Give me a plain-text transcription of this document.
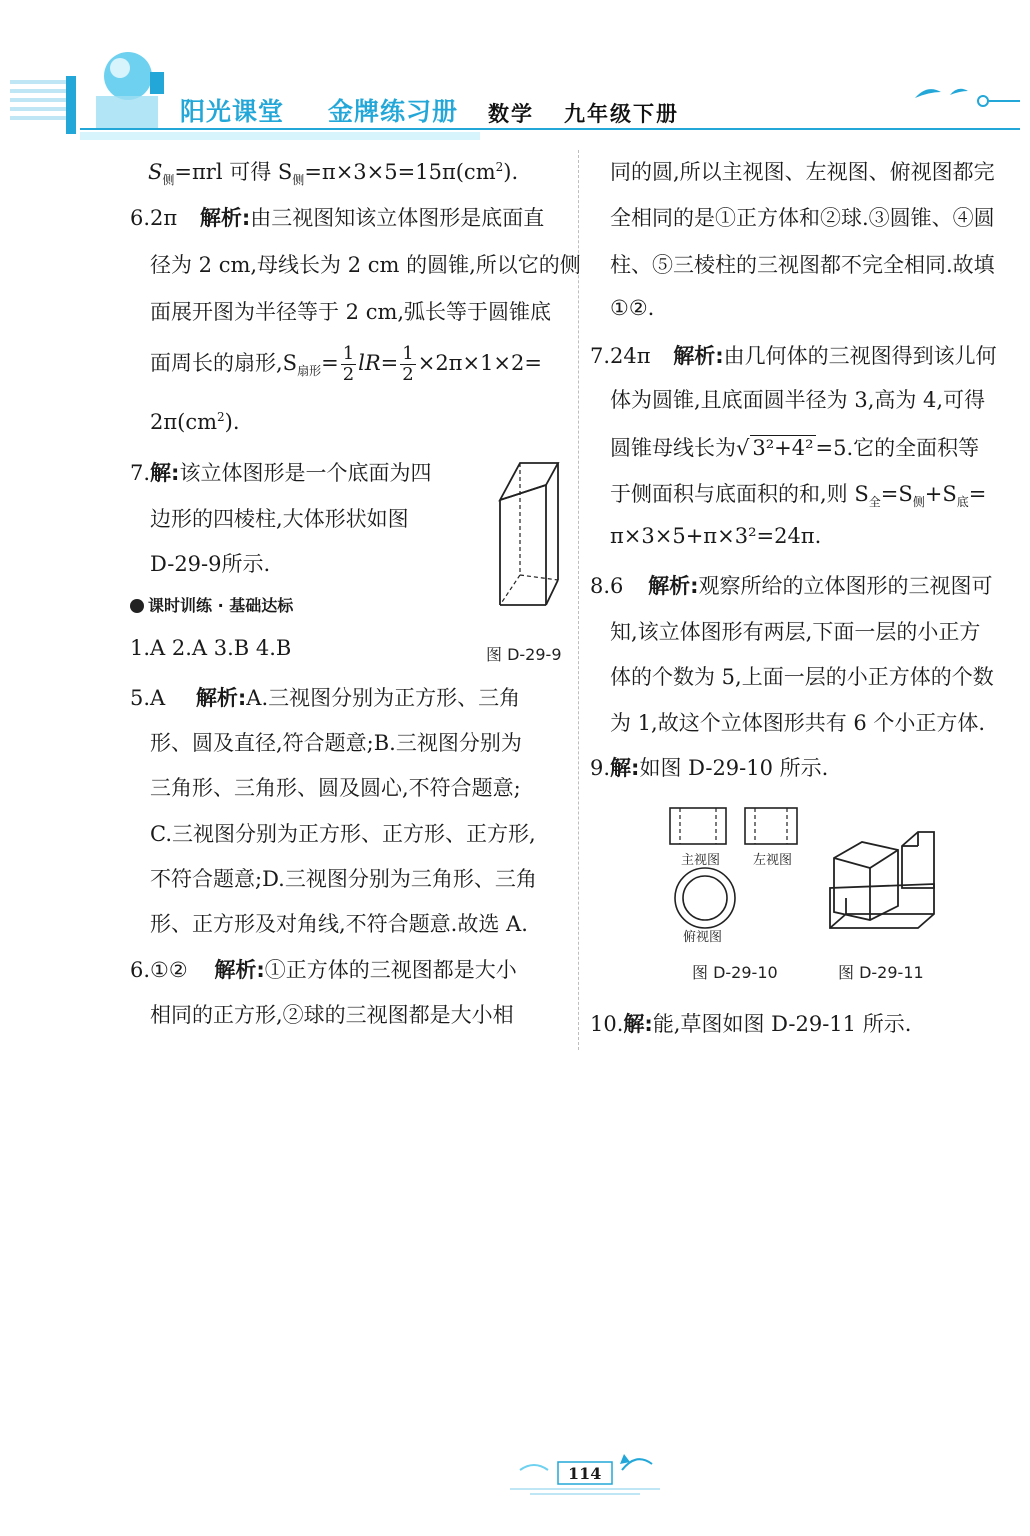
阳光课堂 金牌练习册 数学 九年级下册
$S_侧=\pi rl$ 可得 $S_侧=\pi\times 3\times 5=15\pi(cm^2)$.
6.2π 解析:由三视图知该立体图形是底面直
径为 2 cm,母线长为 2 cm 的圆锥,所以它的侧
面展开图为半径等于 2 cm,弧长等于圆锥底
面周长的扇形$,S_{扇形}= \frac{1}{2} lR= \frac{1}{2} \times 2\pi\times 1\times 2=$
$2\pi(cm^2)$.
7.解:该立体图形是一个底面为四
边形的四棱柱,大体形状如图
D-29-9所示.
图 D-29-9
课时训练 · 基础达标
1.A 2.A 3.B 4.B
5.A 解析:A.三视图分别为正方形、三角
形、圆及直径,符合题意;B.三视图分别为
三角形、三角形、圆及圆心,不符合题意;
C.三视图分别为正方形、正方形、正方形,
不符合题意;D.三视图分别为三角形、三角
形、正方形及对角线,不符合题意.故选 A.
6.①② 解析:①正方体的三视图都是大小
相同的正方形,②球的三视图都是大小相
同的圆,所以主视图、左视图、俯视图都完
全相同的是①正方体和②球.③圆锥、④圆
柱、⑤三棱柱的三视图都不完全相同.故填
①②.
7.24π 解析:由几何体的三视图得到该儿何
体为圆锥,且底面圆半径为 3,高为 4,可得
圆锥母线长为√ 3²+4²=5.它的全面积等
于侧面积与底面积的和,则 $S_全=S_侧+S_底=$
π×3×5+π×3²=24π.
8.6 解析:观察所给的立体图形的三视图可
知,该立体图形有两层,下面一层的小正方
体的个数为 5,上面一层的小正方体的个数
为 1,故这个立体图形共有 6 个小正方体.
9.解:如图 D-29-10 所示.
主视图	左视图
俯视图
图 D-29-10	图 D-29-11
10.解:能,草图如图 D-29-11 所示.
114
